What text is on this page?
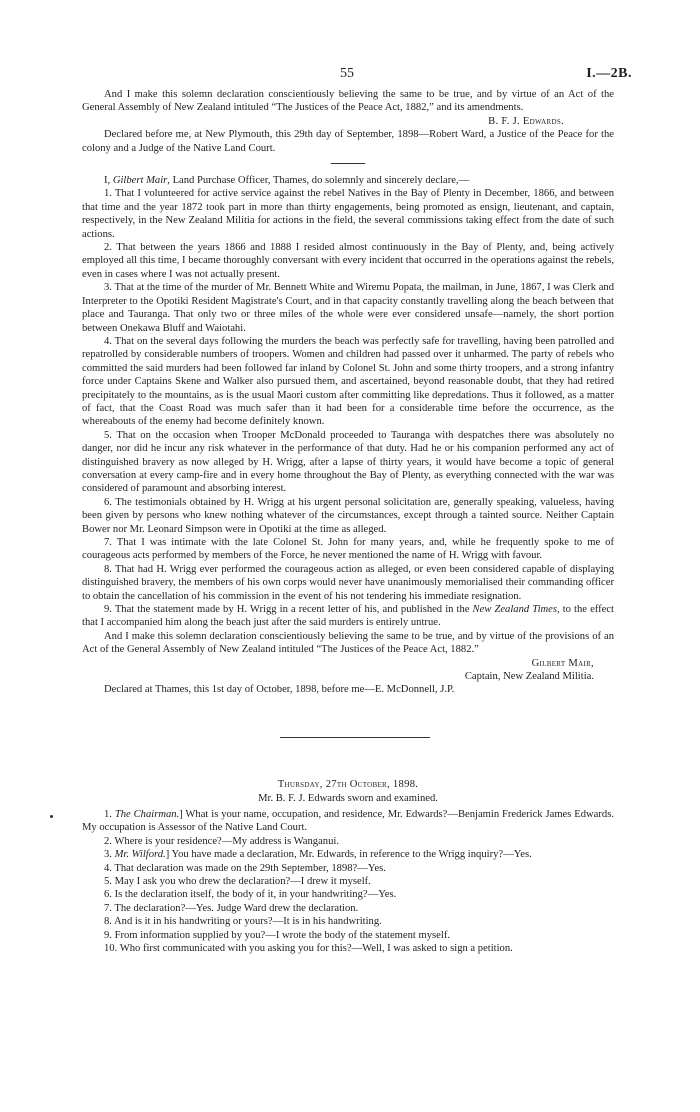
55	I.—2B.

And I make this solemn declaration conscientiously believing the same to be true, and by virtue of an Act of the General Assembly of New Zealand intituled “The Justices of the Peace Act, 1882,” and its amendments.

B. F. J. Edwards.

Declared before me, at New Plymouth, this 29th day of September, 1898—Robert Ward, a Justice of the Peace for the colony and a Judge of the Native Land Court.

I, Gilbert Mair, Land Purchase Officer, Thames, do solemnly and sincerely declare,—

1. That I volunteered for active service against the rebel Natives in the Bay of Plenty in December, 1866, and between that time and the year 1872 took part in more than thirty engagements, being promoted as ensign, lieutenant, and captain, respectively, in the New Zealand Militia for actions in the field, the several commissions taking effect from the date of such actions.

2. That between the years 1866 and 1888 I resided almost continuously in the Bay of Plenty, and, being actively employed all this time, I became thoroughly conversant with every incident that occurred in the operations against the rebels, even in cases where I was not actually present.

3. That at the time of the murder of Mr. Bennett White and Wiremu Popata, the mailman, in June, 1867, I was Clerk and Interpreter to the Opotiki Resident Magistrate's Court, and in that capacity constantly travelling along the beach between that place and Tauranga. That only two or three miles of the whole were ever considered unsafe—namely, the short portion between Onekawa Bluff and Waiotahi.

4. That on the several days following the murders the beach was perfectly safe for travelling, having been patrolled and repatrolled by considerable numbers of troopers. Women and children had passed over it unharmed. The party of rebels who committed the said murders had been followed far inland by Colonel St. John and some thirty troopers, and a strong infantry force under Captains Skene and Walker also pursued them, and ascertained, beyond reasonable doubt, that they had retired precipitately to the mountains, as is the usual Maori custom after committing like depredations. Thus it followed, as a matter of fact, that the Coast Road was much safer than it had been for a considerable time before the occurrence, as the whereabouts of the enemy had become definitely known.

5. That on the occasion when Trooper McDonald proceeded to Tauranga with despatches there was absolutely no danger, nor did he incur any risk whatever in the performance of that duty. Had he or his companion performed any act of distinguished bravery as now alleged by H. Wrigg, after a lapse of thirty years, it would have become a topic of general conversation at every camp-fire and in every home throughout the Bay of Plenty, as everything connected with the war was considered of paramount and absorbing interest.

6. The testimonials obtained by H. Wrigg at his urgent personal solicitation are, generally speaking, valueless, having been given by persons who knew nothing whatever of the circumstances, except through a tainted source. Neither Captain Bower nor Mr. Leonard Simpson were in Opotiki at the time as alleged.

7. That I was intimate with the late Colonel St. John for many years, and, while he frequently spoke to me of courageous acts performed by members of the Force, he never mentioned the name of H. Wrigg with favour.

8. That had H. Wrigg ever performed the courageous action as alleged, or even been considered capable of displaying distinguished bravery, the members of his own corps would never have unanimously memorialised their commanding officer to obtain the cancellation of his commission in the event of his not tendering his immediate resignation.

9. That the statement made by H. Wrigg in a recent letter of his, and published in the New Zealand Times, to the effect that I accompanied him along the beach just after the said murders is entirely untrue.

And I make this solemn declaration conscientiously believing the same to be true, and by virtue of the provisions of an Act of the General Assembly of New Zealand intituled “The Justices of the Peace Act, 1882.”

Gilbert Mair,

Captain, New Zealand Militia.

Declared at Thames, this 1st day of October, 1898, before me—E. McDonnell, J.P.

Thursday, 27th October, 1898.

Mr. B. F. J. Edwards sworn and examined.

1. The Chairman.] What is your name, occupation, and residence, Mr. Edwards?—Benjamin Frederick James Edwards. My occupation is Assessor of the Native Land Court.

2. Where is your residence?—My address is Wanganui.

3. Mr. Wilford.] You have made a declaration, Mr. Edwards, in reference to the Wrigg inquiry?—Yes.

4. That declaration was made on the 29th September, 1898?—Yes.

5. May I ask you who drew the declaration?—I drew it myself.

6. Is the declaration itself, the body of it, in your handwriting?—Yes.

7. The declaration?—Yes. Judge Ward drew the declaration.

8. And is it in his handwriting or yours?—It is in his handwriting.

9. From information supplied by you?—I wrote the body of the statement myself.

10. Who first communicated with you asking you for this?—Well, I was asked to sign a petition.
